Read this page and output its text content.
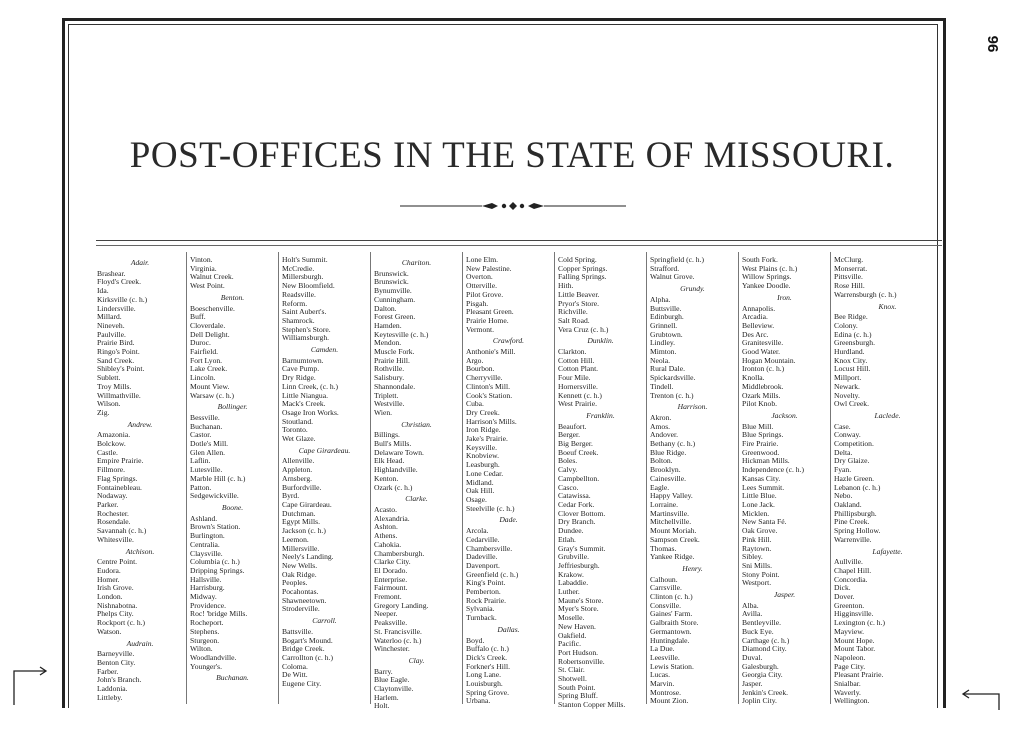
96
POST-OFFICES IN THE STATE OF MISSOURI.
Adair.
Brashear.
Floyd's Creek.
Ida.
Kirksville (c. h.)
Lindersville.
Millard.
Nineveh.
Paulville.
Prairie Bird.
Ringo's Point.
Sand Creek.
Shibley's Point.
Sublett.
Troy Mills.
Willmathville.
Wilson.
Zig.
Andrew.
Amazonia.
Bolckow.
Castle.
Empire Prairie.
Fillmore.
Flag Springs.
Fontainebleau.
Nodaway.
Parker.
Rochester.
Rosendale.
Savannah (c. h.)
Whitesville.
Atchison.
Centre Point.
Eudora.
Homer.
Irish Grove.
London.
Nishnabotna.
Phelps City.
Rockport (c. h.)
Watson.
Audrain.
Barneyville.
Benton City.
Farber.
John's Branch.
Laddonia.
Littleby.
Vinton.
Virginia.
Walnut Creek.
West Point.
Benton.
Boeschenville.
Buff.
Cloverdale.
Dell Delight.
Duroc.
Fairfield.
Fort Lyon.
Lake Creek.
Lincoln.
Mount View.
Warsaw (c. h.)
Bollinger.
Bessville.
Buchanan.
Castor.
Dotle's Mill.
Glen Allen.
Laflin.
Lutesville.
Marble Hill (c. h.)
Patton.
Sedgewickville.
Boone.
Ashland.
Brown's Station.
Burlington.
Centralia.
Claysville.
Columbia (c. h.)
Dripping Springs.
Hallsville.
Harrisburg.
Midway.
Providence.
Roc! 'bridge Mills.
Rocheport.
Stephens.
Sturgeon.
Wilton.
Woodlandville.
Younger's.
Buchanan.
Holt's Summit.
McCredie.
Millersburgh.
New Bloomfield.
Readsville.
Reform.
Saint Aubert's.
Shamrock.
Stephen's Store.
Williamsburgh.
Camden.
Barnumtown.
Cave Pump.
Dry Ridge.
Linn Creek, (c. h.)
Little Niangua.
Mack's Creek.
Osage Iron Works.
Stoutland.
Toronto.
Wet Glaze.
Cape Girardeau.
Allenville.
Appleton.
Arnsberg.
Burfordville.
Byrd.
Cape Girardeau.
Dutchman.
Egypt Mills.
Jackson (c. h.)
Leemon.
Millersville.
Neely's Landing.
New Wells.
Oak Ridge.
Peoples.
Pocahontas.
Shawneetown.
Stroderville.
Carroll.
Battsville.
Bogart's Mound.
Bridge Creek.
Carrollton (c. h.)
Coloma.
De Witt.
Eugene City.
Chariton.
Brunswick.
Brunswick.
Bynumville.
Cunningham.
Dalton.
Forest Green.
Hamden.
Keytesville (c. h.)
Mendon.
Muscle Fork.
Prairie Hill.
Rothville.
Salisbury.
Shannondale.
Triplett.
Westville.
Wien.
Christian.
Billings.
Bull's Mills.
Delaware Town.
Elk Head.
Highlandville.
Kenton.
Ozark (c. h.)
Clarke.
Acasto.
Alexandria.
Ashton.
Athens.
Cahokia.
Chambersburgh.
Clarke City.
El Dorado.
Enterprise.
Fairmount.
Fremont.
Gregory Landing.
Neeper.
Peaksville.
St. Francisville.
Waterloo (c. h.)
Winchester.
Clay.
Barry.
Blue Eagle.
Claytonville.
Harlem.
Holt.
Lone Elm.
New Palestine.
Overton.
Otterville.
Pilot Grove.
Pisgah.
Pleasant Green.
Prairie Home.
Vermont.
Crawford.
Anthonie's Mill.
Argo.
Bourbon.
Cherryville.
Clinton's Mill.
Cook's Station.
Cuba.
Dry Creek.
Harrison's Mills.
Iron Ridge.
Jake's Prairie.
Keysville.
Knobview.
Leasburgh.
Lone Cedar.
Midland.
Oak Hill.
Osage.
Steelville (c. h.)
Dade.
Arcola.
Cedarville.
Chambersville.
Dadeville.
Davenport.
Greenfield (c. h.)
King's Point.
Pemberton.
Rock Prairie.
Sylvania.
Turnback.
Dallas.
Boyd.
Buffalo (c. h.)
Dick's Creek.
Forkner's Hill.
Long Lane.
Louisburgh.
Spring Grove.
Urbana.
Cold Spring.
Copper Springs.
Falling Springs.
Hith.
Little Beaver.
Pryor's Store.
Richville.
Salt Road.
Vera Cruz (c. h.)
Dunklin.
Clarkton.
Cotton Hill.
Cotton Plant.
Four Mile.
Hornersville.
Kennett (c. h.)
West Prairie.
Franklin.
Beaufort.
Berger.
Big Berger.
Boeuf Creek.
Boles.
Calvy.
Campbellton.
Casco.
Catawissa.
Cedar Fork.
Clover Bottom.
Dry Branch.
Dundee.
Etlah.
Gray's Summit.
Grubville.
Jeffriesburgh.
Krakow.
Labaddie.
Luther.
Maune's Store.
Myer's Store.
Moselle.
New Haven.
Oakfield.
Pacific.
Port Hudson.
Robertsonville.
St. Clair.
Shotwell.
South Point.
Spring Bluff.
Stanton Copper Mills.
Springfield (c. h.)
Strafford.
Walnut Grove.
Grundy.
Alpha.
Buttsville.
Edinburgh.
Grinnell.
Grubtown.
Lindley.
Mimton.
Neola.
Rural Dale.
Spickardsville.
Tindell.
Trenton (c. h.)
Harrison.
Akron.
Amos.
Andover.
Bethany (c. h.)
Blue Ridge.
Bolton.
Brooklyn.
Cainesville.
Eagle.
Happy Valley.
Lorraine.
Martinsville.
Mitchellville.
Mount Moriah.
Sampson Creek.
Thomas.
Yankee Ridge.
Henry.
Calhoun.
Carrsville.
Clinton (c. h.)
Consville.
Gaines' Farm.
Galbraith Store.
Germantown.
Huntingdale.
La Due.
Leesville.
Lewis Station.
Lucas.
Marvin.
Montrose.
Mount Zion.
South Fork.
West Plains (c. h.)
Willow Springs.
Yankee Doodle.
Iron.
Annapolis.
Arcadia.
Belleview.
Des Arc.
Granitesville.
Good Water.
Hogan Mountain.
Ironton (c. h.)
Knolla.
Middlebrook.
Ozark Mills.
Pilot Knob.
Jackson.
Blue Mill.
Blue Springs.
Fire Prairie.
Greenwood.
Hickman Mills.
Independence (c. h.)
Kansas City.
Lees Summit.
Little Blue.
Lone Jack.
Micklen.
New Santa Fé.
Oak Grove.
Pink Hill.
Raytown.
Sibley.
Sni Mills.
Stony Point.
Westport.
Jasper.
Alba.
Avilla.
Bentleyville.
Buck Eye.
Carthage (c. h.)
Diamond City.
Duval.
Galesburgh.
Georgia City.
Jasper.
Jenkin's Creek.
Joplin City.
McClurg.
Monserrat.
Pittsville.
Rose Hill.
Warrensburgh (c. h.)
Knox.
Bee Ridge.
Colony.
Edina (c. h.)
Greensburgh.
Hurdland.
Knox City.
Locust Hill.
Millport.
Newark.
Novelty.
Owl Creek.
Laclede.
Case.
Conway.
Competition.
Delta.
Dry Glaize.
Fyan.
Hazle Green.
Lebanon (c. h.)
Nebo.
Oakland.
Phillipsburgh.
Pine Creek.
Spring Hollow.
Warrenville.
Lafayette.
Aullville.
Chapel Hill.
Concordia.
Dick.
Dover.
Greenton.
Higginsville.
Lexington (c. h.)
Mayview.
Mount Hope.
Mount Tabor.
Napoleon.
Page City.
Pleasant Prairie.
Snialbar.
Waverly.
Wellington.
